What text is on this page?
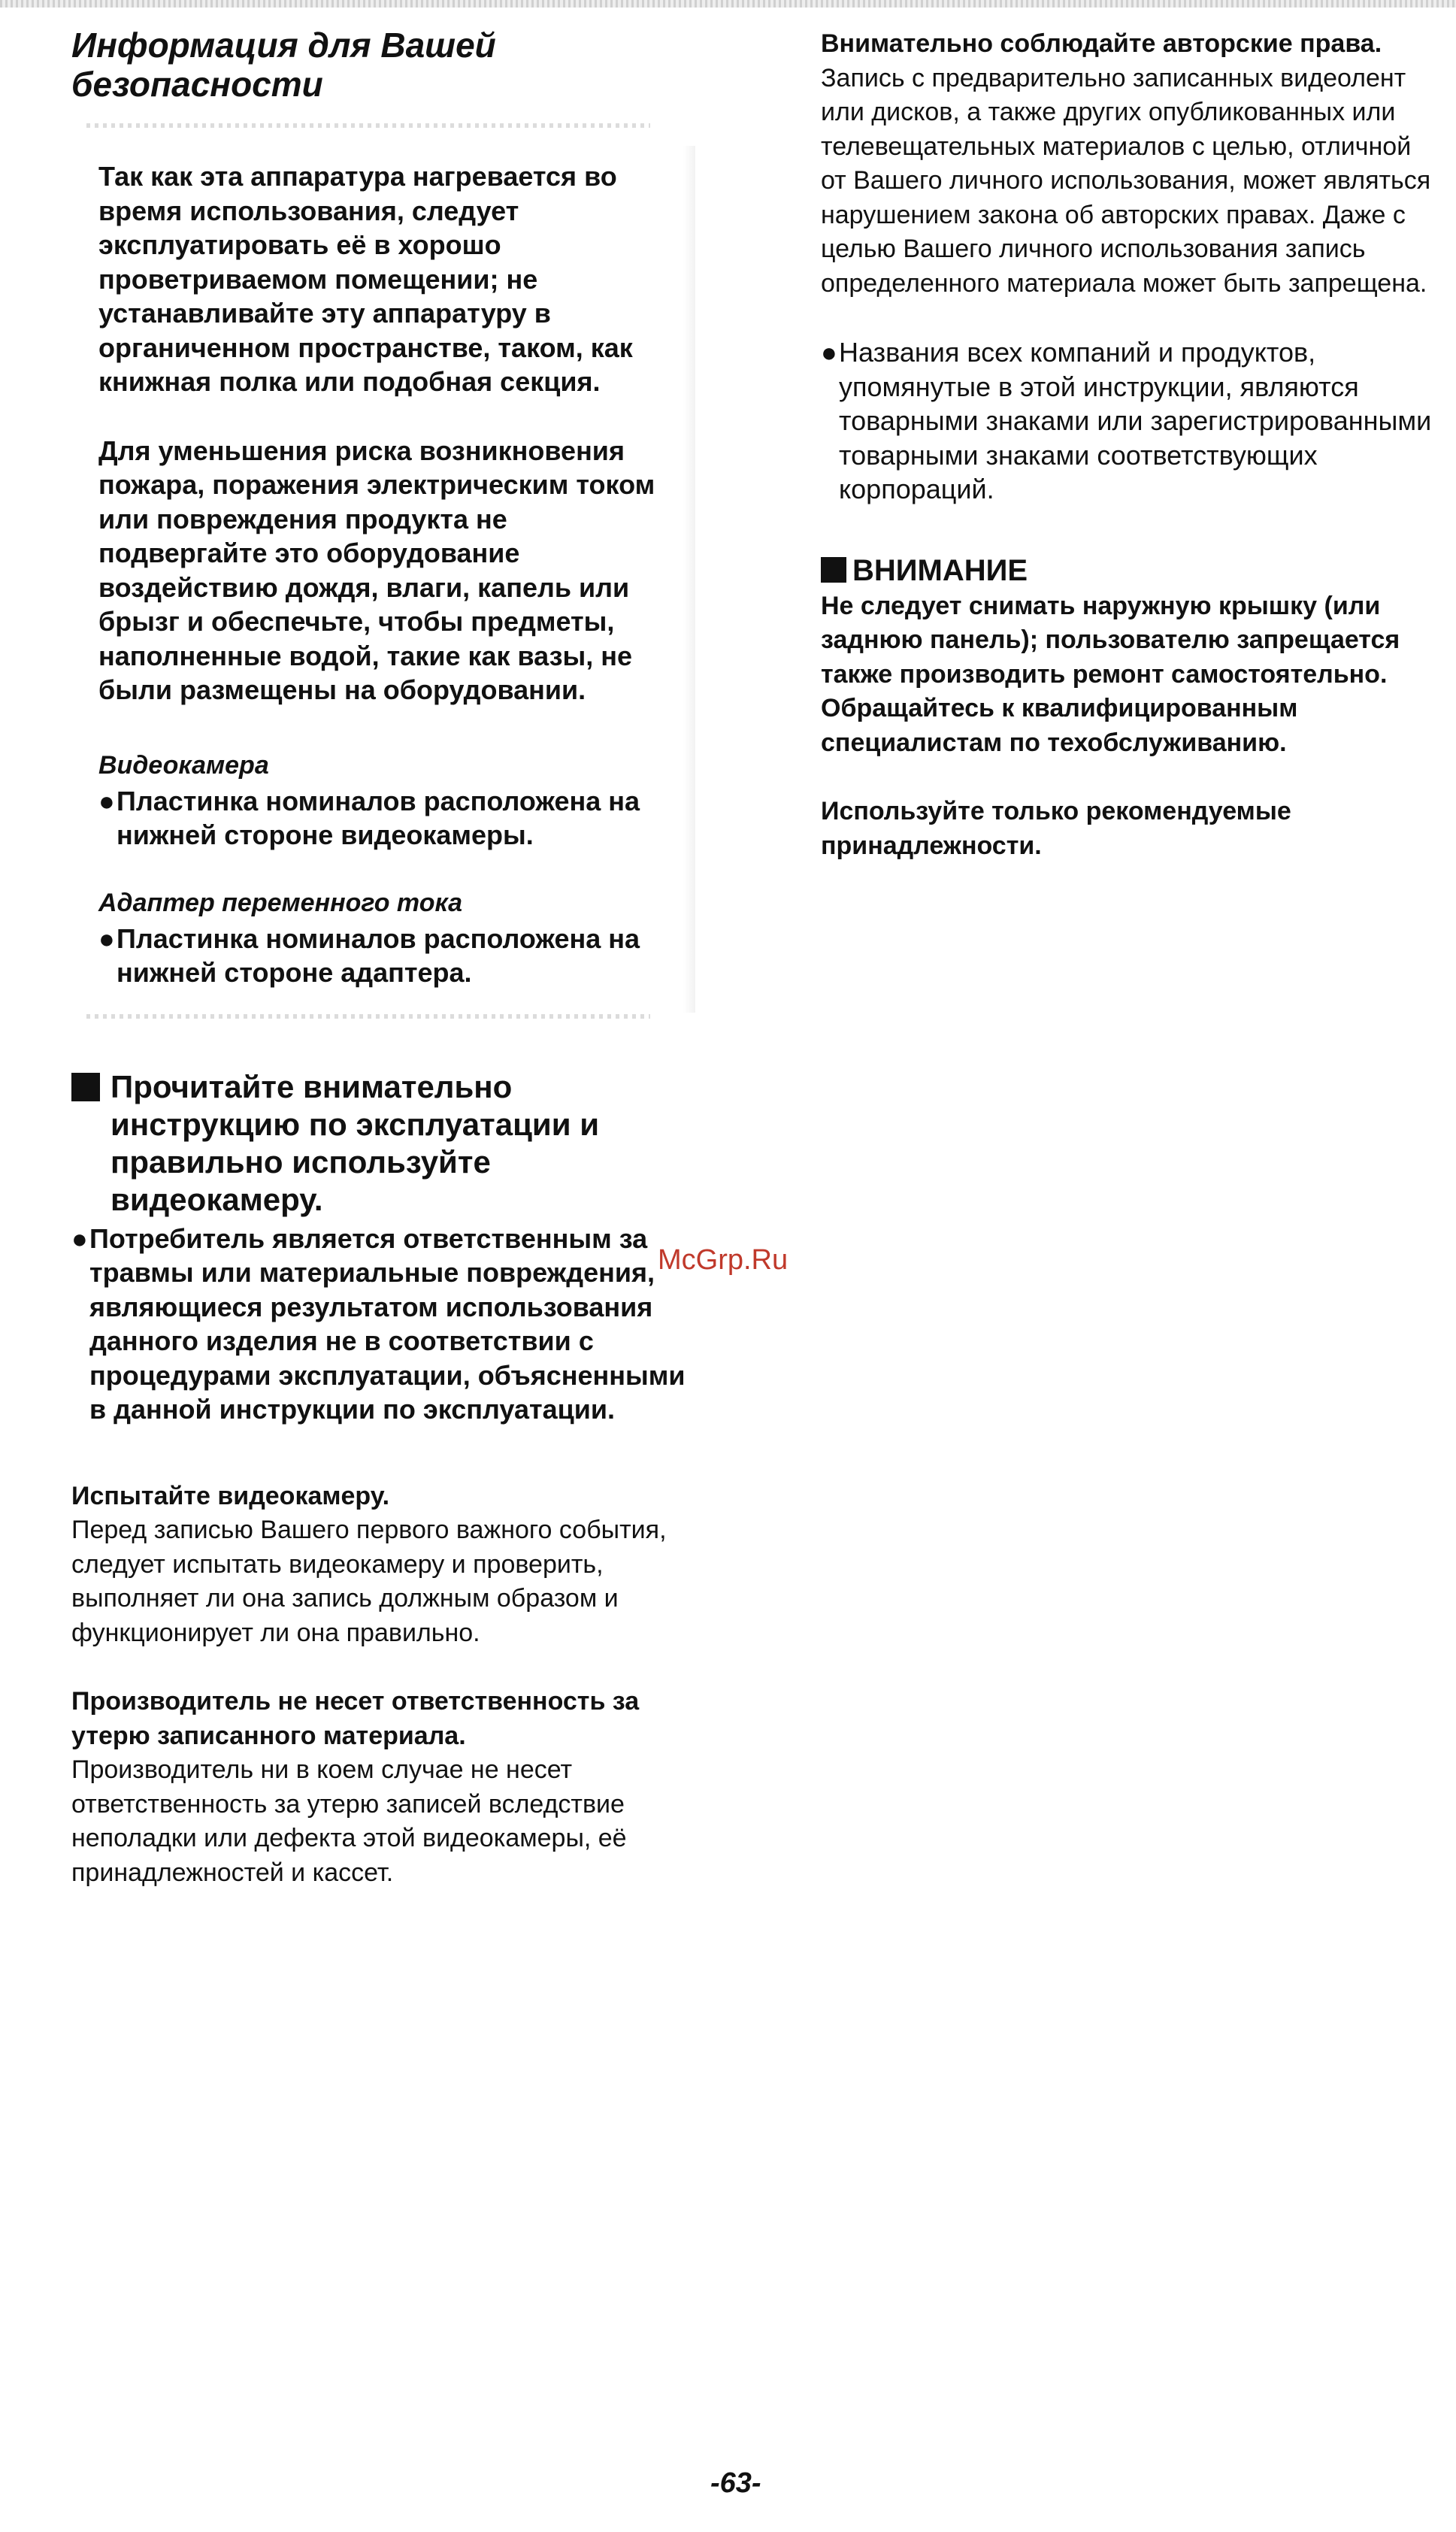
Информация для Вашей безопасности

Так как эта аппаратура нагревается во время использования, следует эксплуатировать её в хорошо проветриваемом помещении; не устанавливайте эту аппаратуру в органиченном пространстве, таком, как книжная полка или подобная секция.

Для уменьшения риска возникновения пожара, поражения электрическим током или повреждения продукта не подвергайте это оборудование воздействию дождя, влаги, капель или брызг и обеспечьте, чтобы предметы, наполненные водой, такие как вазы, не были размещены на оборудовании.

Видеокамера
● Пластинка номиналов расположена на нижней стороне видеокамеры.
Адаптер переменного тока
● Пластинка номиналов расположена на нижней стороне адаптера.
Прочитайте внимательно инструкцию по эксплуатации и правильно используйте видеокамеру.
● Потребитель является ответственным за травмы или материальные повреждения, являющиеся результатом использования данного изделия не в соответствии с процедурами эксплуатации, объясненными в данной инструкции по эксплуатации.
Испытайте видеокамеру.

Перед записью Вашего первого важного события, следует испытать видеокамеру и проверить, выполняет ли она запись должным образом и функционирует ли она правильно.

Производитель не несет ответственность за утерю записанного материала.

Производитель ни в коем случае не несет ответственность за утерю записей вследствие неполадки или дефекта этой видеокамеры, её принадлежностей и кассет.

Внимательно соблюдайте авторские права.

Запись с предварительно записанных видеолент или дисков, а также других опубликованных или телевещательных материалов с целью, отличной от Вашего личного использования, может являться нарушением закона об авторских правах. Даже с целью Вашего личного использования запись определенного материала может быть запрещена.

● Названия всех компаний и продуктов, упомянутые в этой инструкции, являются товарными знаками или зарегистрированными товарными знаками соответствующих корпораций.
ВНИМАНИЕ

Не следует снимать наружную крышку (или заднюю панель); пользователю запрещается также производить ремонт самостоятельно. Обращайтесь к квалифицированным специалистам по техобслуживанию.

Используйте только рекомендуемые принадлежности.

McGrp.Ru
-63-
